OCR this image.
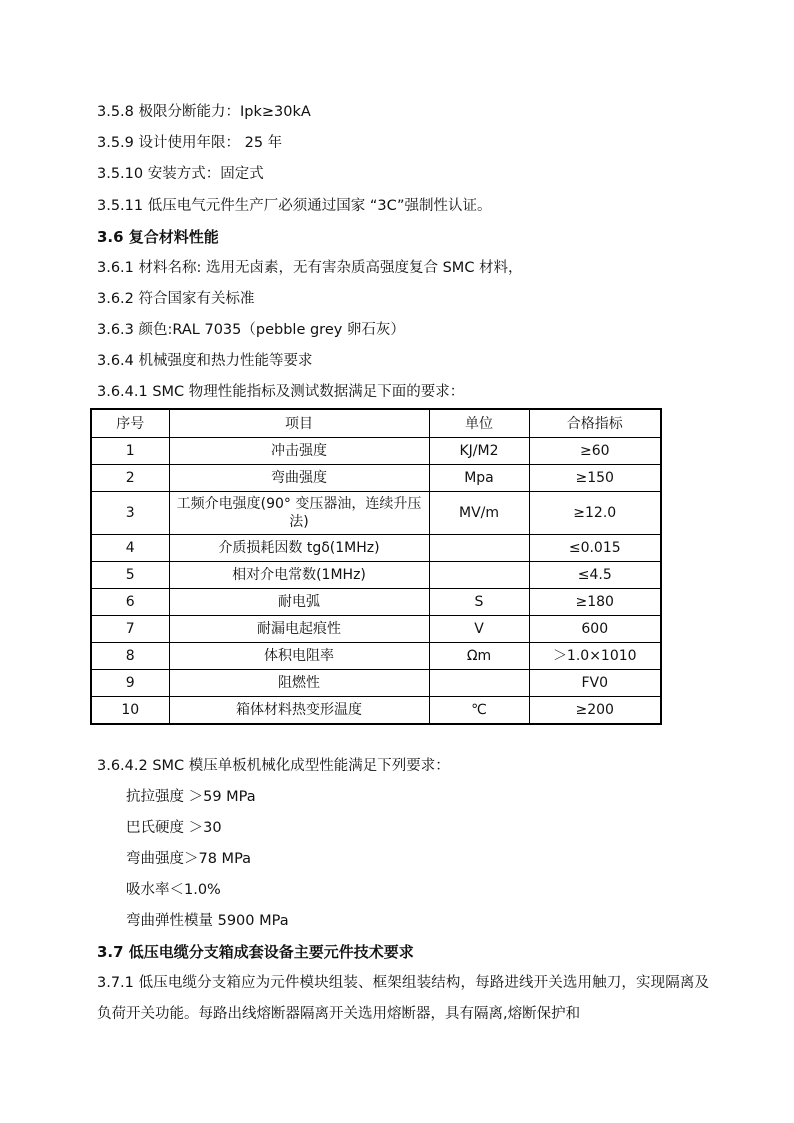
3.5.8 极限分断能力：Ipk≥30kA
3.5.9 设计使用年限： 25 年
3.5.10 安装方式：固定式
3.5.11 低压电气元件生产厂必须通过国家 “3C”强制性认证。
3.6 复合材料性能
3.6.1 材料名称: 选用无卤素，无有害杂质高强度复合 SMC 材料，
3.6.2 符合国家有关标准
3.6.3 颜色:RAL 7035（pebble grey 卵石灰）
3.6.4 机械强度和热力性能等要求
3.6.4.1 SMC 物理性能指标及测试数据满足下面的要求：
序号	项目	单位	合格指标
1	冲击强度	KJ/M2	≥60
2	弯曲强度	Mpa	≥150
3	工频介电强度(90° 变压器油，连续升压法)	MV/m	≥12.0
4	介质损耗因数 tgδ(1MHz)		≤0.015
5	相对介电常数(1MHz)		≤4.5
6	耐电弧	S	≥180
7	耐漏电起痕性	V	600
8	体积电阻率	Ωm	＞1.0×1010
9	阻燃性		FV0
10	箱体材料热变形温度	℃	≥200
3.6.4.2 SMC 模压单板机械化成型性能满足下列要求：
抗拉强度 ＞59 MPa
巴氏硬度 ＞30
弯曲强度＞78 MPa
吸水率＜1.0%
弯曲弹性模量 5900 MPa
3.7 低压电缆分支箱成套设备主要元件技术要求
3.7.1 低压电缆分支箱应为元件模块组装、框架组装结构，每路进线开关选用触刀，实现隔离及负荷开关功能。每路出线熔断器隔离开关选用熔断器，具有隔离,熔断保护和
